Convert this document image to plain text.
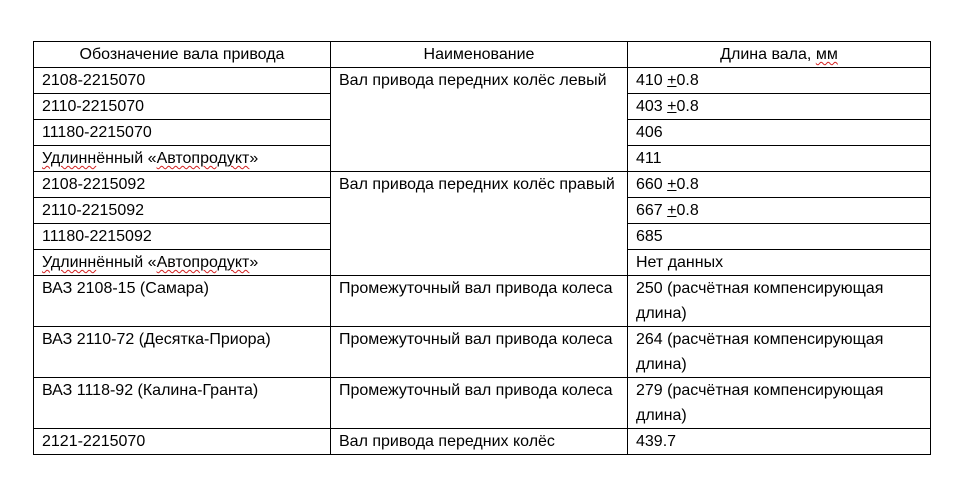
Обозначение вала привода	Наименование	Длина вала, мм
2108-2215070	Вал привода передних колёс левый	410 +0.8
2110-2215070		403 +0.8
11180-2215070		406
Удлиннённый «Автопродукт»		411
2108-2215092	Вал привода передних колёс правый	660 +0.8
2110-2215092		667 +0.8
11180-2215092		685
Удлиннённый «Автопродукт»		Нет данных
ВАЗ 2108-15 (Самара)	Промежуточный вал привода колеса	250 (расчётная компенсирующая длина)
ВАЗ 2110-72 (Десятка-Приора)	Промежуточный вал привода колеса	264 (расчётная компенсирующая длина)
ВАЗ 1118-92 (Калина-Гранта)	Промежуточный вал привода колеса	279 (расчётная компенсирующая длина)
2121-2215070	Вал привода передних колёс	439.7
